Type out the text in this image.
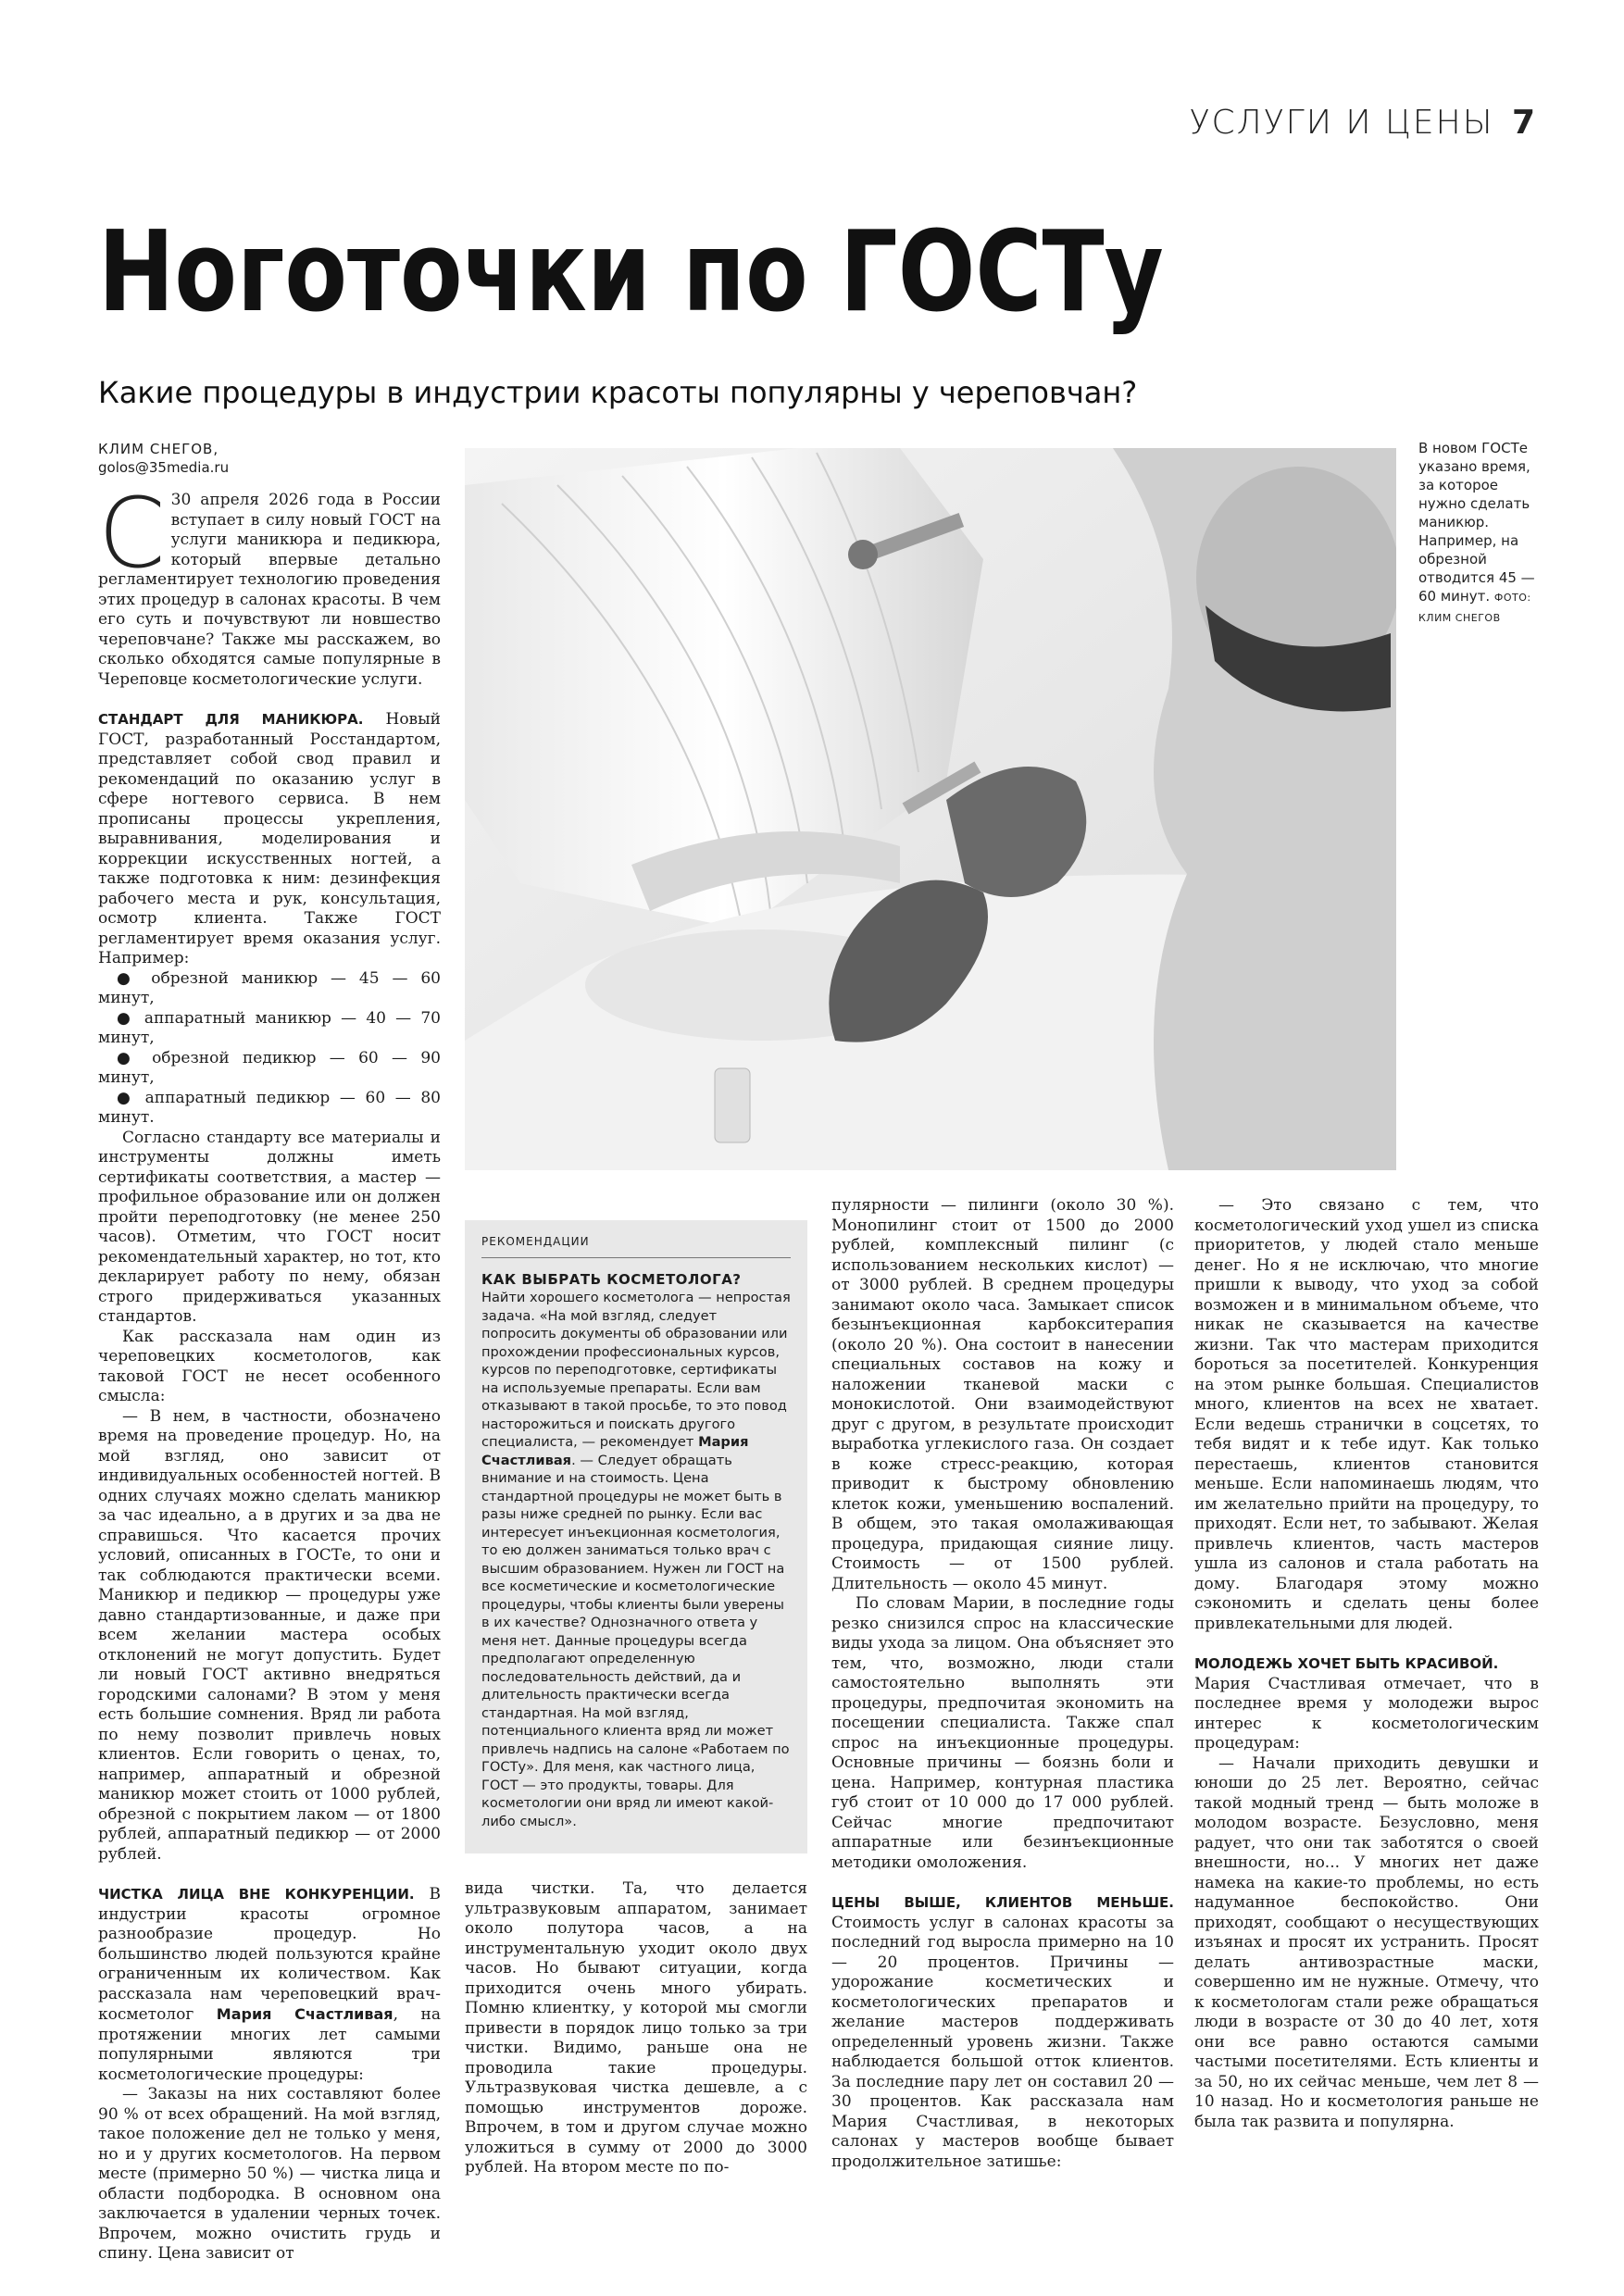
УСЛУГИ И ЦЕНЫ 7
Ноготочки по ГОСТу
Какие процедуры в индустрии красоты популярны у череповчан?
КЛИМ СНЕГОВ,
golos@35media.ru
В новом ГОСТе указано время, за которое нужно сделать маникюр. Например, на обрезной отводится 45 — 60 минут. ФОТО: КЛИМ СНЕГОВ

С 30 апреля 2026 года в России вступает в силу новый ГОСТ на услуги маникюра и педикюра, который впервые детально регламентирует технологию проведения этих процедур в салонах красоты. В чем его суть и почувствуют ли новшество череповчане? Также мы расскажем, во сколько обходятся самые популярные в Череповце косметологические услуги.

СТАНДАРТ ДЛЯ МАНИКЮРА. Новый ГОСТ, разработанный Росстандартом, представляет собой свод правил и рекомендаций по оказанию услуг в сфере ногтевого сервиса. В нем прописаны процессы укрепления, выравнивания, моделирования и коррекции искусственных ногтей, а также подготовка к ним: дезинфекция рабочего места и рук, консультация, осмотр клиента. Также ГОСТ регламентирует время оказания услуг. Например:

● обрезной маникюр — 45 — 60 минут,

● аппаратный маникюр — 40 — 70 минут,

● обрезной педикюр — 60 — 90 минут,

● аппаратный педикюр — 60 — 80 минут.

Согласно стандарту все материалы и инструменты должны иметь сертификаты соответствия, а мастер — профильное образование или он должен пройти переподготовку (не менее 250 часов). Отметим, что ГОСТ носит рекомендательный характер, но тот, кто декларирует работу по нему, обязан строго придерживаться указанных стандартов.

Как рассказала нам один из череповецких косметологов, как таковой ГОСТ не несет особенного смысла:

— В нем, в частности, обозначено время на проведение процедур. Но, на мой взгляд, оно зависит от индивидуальных особенностей ногтей. В одних случаях можно сделать маникюр за час идеально, а в других и за два не справишься. Что касается прочих условий, описанных в ГОСТе, то они и так соблюдаются практически всеми. Маникюр и педикюр — процедуры уже давно стандартизованные, и даже при всем желании мастера особых отклонений не могут допустить. Будет ли новый ГОСТ активно внедряться городскими салонами? В этом у меня есть большие сомнения. Вряд ли работа по нему позволит привлечь новых клиентов. Если говорить о ценах, то, например, аппаратный и обрезной маникюр может стоить от 1000 рублей, обрезной с покрытием лаком — от 1800 рублей, аппаратный педикюр — от 2000 рублей.

ЧИСТКА ЛИЦА ВНЕ КОНКУРЕНЦИИ. В индустрии красоты огромное разнообразие процедур. Но большинство людей пользуются крайне ограниченным их количеством. Как рассказала нам череповецкий врач-косметолог Мария Счастливая, на протяжении многих лет самыми популярными являются три косметологические процедуры:

— Заказы на них составляют более 90 % от всех обращений. На мой взгляд, такое положение дел не только у меня, но и у других косметологов. На первом месте (примерно 50 %) — чистка лица и области подбородка. В основном она заключается в удалении черных точек. Впрочем, можно очистить грудь и спину. Цена зависит от

РЕКОМЕНДАЦИИ
КАК ВЫБРАТЬ КОСМЕТОЛОГА?
Найти хорошего косметолога — непростая задача. «На мой взгляд, следует попросить документы об образовании или прохождении профессиональных курсов, курсов по переподготовке, сертификаты на используемые препараты. Если вам отказывают в такой просьбе, то это повод насторожиться и поискать другого специалиста, — рекомендует Мария Счастливая. — Следует обращать внимание и на стоимость. Цена стандартной процедуры не может быть в разы ниже средней по рынку. Если вас интересует инъекционная косметология, то ею должен заниматься только врач с высшим образованием. Нужен ли ГОСТ на все косметические и косметологические процедуры, чтобы клиенты были уверены в их качестве? Однозначного ответа у меня нет. Данные процедуры всегда предполагают определенную последовательность действий, да и длительность практически всегда стандартная. На мой взгляд, потенциального клиента вряд ли может привлечь надпись на салоне «Работаем по ГОСТу». Для меня, как частного лица, ГОСТ — это продукты, товары. Для косметологии они вряд ли имеют какой-либо смысл».

вида чистки. Та, что делается ультразвуковым аппаратом, занимает около полутора часов, а на инструментальную уходит около двух часов. Но бывают ситуации, когда приходится очень много убирать. Помню клиентку, у которой мы смогли привести в порядок лицо только за три чистки. Видимо, раньше она не проводила такие процедуры. Ультразвуковая чистка дешевле, а с помощью инструментов дороже. Впрочем, в том и другом случае можно уложиться в сумму от 2000 до 3000 рублей. На втором месте по по-

пулярности — пилинги (около 30 %). Монопилинг стоит от 1500 до 2000 рублей, комплексный пилинг (с использованием нескольких кислот) — от 3000 рублей. В среднем процедуры занимают около часа. Замыкает список безынъекционная карбокситерапия (около 20 %). Она состоит в нанесении специальных составов на кожу и наложении тканевой маски с монокислотой. Они взаимодействуют друг с другом, в результате происходит выработка углекислого газа. Он создает в коже стресс-реакцию, которая приводит к быстрому обновлению клеток кожи, уменьшению воспалений. В общем, это такая омолаживающая процедура, придающая сияние лицу. Стоимость — от 1500 рублей. Длительность — около 45 минут.

По словам Марии, в последние годы резко снизился спрос на классические виды ухода за лицом. Она объясняет это тем, что, возможно, люди стали самостоятельно выполнять эти процедуры, предпочитая экономить на посещении специалиста. Также спал спрос на инъекционные процедуры. Основные причины — боязнь боли и цена. Например, контурная пластика губ стоит от 10 000 до 17 000 рублей. Сейчас многие предпочитают аппаратные или безинъекционные методики омоложения.

ЦЕНЫ ВЫШЕ, КЛИЕНТОВ МЕНЬШЕ. Стоимость услуг в салонах красоты за последний год выросла примерно на 10 — 20 процентов. Причины — удорожание косметических и косметологических препаратов и желание мастеров поддерживать определенный уровень жизни. Также наблюдается большой отток клиентов. За последние пару лет он составил 20 — 30 процентов. Как рассказала нам Мария Счастливая, в некоторых салонах у мастеров вообще бывает продолжительное затишье:

— Это связано с тем, что косметологический уход ушел из списка приоритетов, у людей стало меньше денег. Но я не исключаю, что многие пришли к выводу, что уход за собой возможен и в минимальном объеме, что никак не сказывается на качестве жизни. Так что мастерам приходится бороться за посетителей. Конкуренция на этом рынке большая. Специалистов много, клиентов на всех не хватает. Если ведешь странички в соцсетях, то тебя видят и к тебе идут. Как только перестаешь, клиентов становится меньше. Если напоминаешь людям, что им желательно прийти на процедуру, то приходят. Если нет, то забывают. Желая привлечь клиентов, часть мастеров ушла из салонов и стала работать на дому. Благодаря этому можно сэкономить и сделать цены более привлекательными для людей.

МОЛОДЕЖЬ ХОЧЕТ БЫТЬ КРАСИВОЙ.

Мария Счастливая отмечает, что в последнее время у молодежи вырос интерес к косметологическим процедурам:

— Начали приходить девушки и юноши до 25 лет. Вероятно, сейчас такой модный тренд — быть моложе в молодом возрасте. Безусловно, меня радует, что они так заботятся о своей внешности, но... У многих нет даже намека на какие-то проблемы, но есть надуманное беспокойство. Они приходят, сообщают о несуществующих изъянах и просят их устранить. Просят делать антивозрастные маски, совершенно им не нужные. Отмечу, что к косметологам стали реже обращаться люди в возрасте от 30 до 40 лет, хотя они все равно остаются самыми частыми посетителями. Есть клиенты и за 50, но их сейчас меньше, чем лет 8 — 10 назад. Но и косметология раньше не была так развита и популярна.
